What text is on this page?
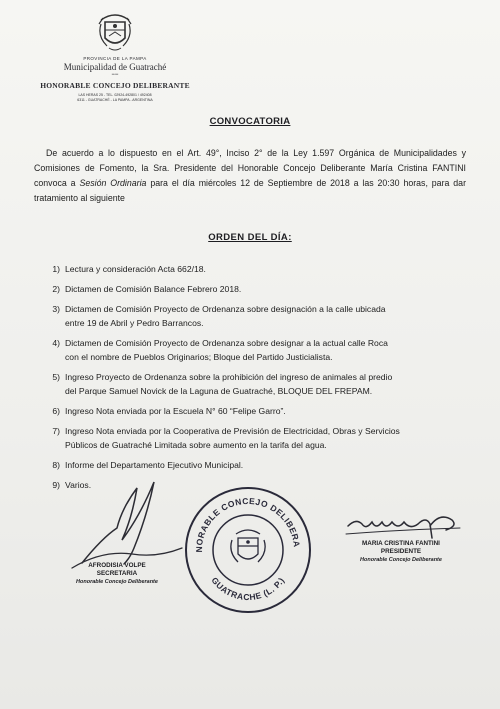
PROVINCIA DE LA PAMPA
Municipalidad de Guatraché
*****
HONORABLE CONCEJO DELIBERANTE
LAS HERAS 25 - TEL. 02924-492801 / 492408
6311 - GUATRACHÉ - LA PAMPA - ARGENTINA
CONVOCATORIA
De acuerdo a lo dispuesto en el Art. 49°, Inciso 2° de la Ley 1.597 Orgánica de Municipalidades y Comisiones de Fomento, la Sra. Presidente del Honorable Concejo Deliberante María Cristina FANTINI convoca a Sesión Ordinaria para el día miércoles 12 de Septiembre de 2018 a las 20:30 horas, para dar tratamiento al siguiente
ORDEN DEL DÍA:
1) Lectura y consideración Acta 662/18.
2) Dictamen de Comisión Balance Febrero 2018.
3) Dictamen de Comisión Proyecto de Ordenanza sobre designación a la calle ubicada
entre 19 de Abril y Pedro Barrancos.
4) Dictamen de Comisión Proyecto de Ordenanza sobre designar a la actual calle Roca
con el nombre de Pueblos Originarios; Bloque del Partido Justicialista.
5) Ingreso Proyecto de Ordenanza sobre la prohibición del ingreso de animales al predio
del Parque Samuel Novick de la Laguna de Guatraché, BLOQUE DEL FREPAM.
6) Ingreso Nota enviada por la Escuela N° 60 “Felipe Garro”.
7) Ingreso Nota enviada por la Cooperativa de Previsión de Electricidad, Obras y Servicios
Públicos de Guatraché Limitada sobre aumento en la tarifa del agua.
8) Informe del Departamento Ejecutivo Municipal.
9) Varios.
AFRODISIA VOLPE
SECRETARIA
Honorable Concejo Deliberante
NORABLE CONCEJO DELIBERA
GUATRACHE (L. P.)
MARIA CRISTINA FANTINI
PRESIDENTE
Honorable Concejo Deliberante
